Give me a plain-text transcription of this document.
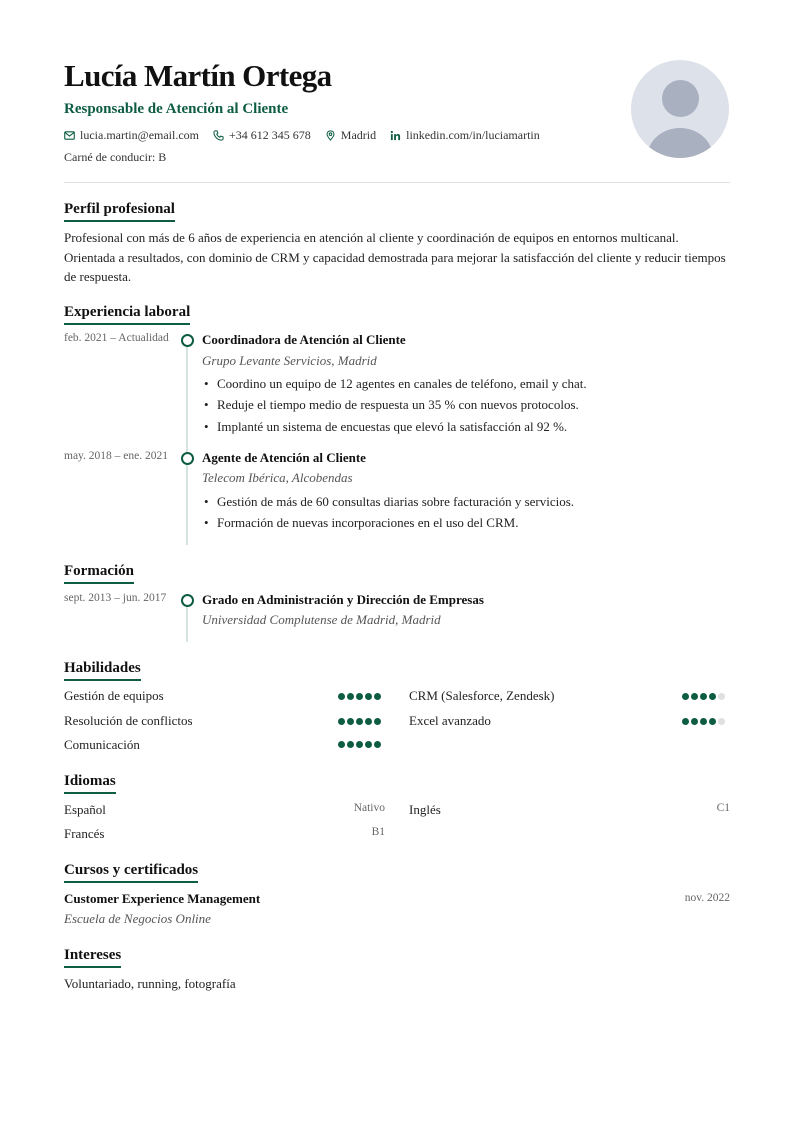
Lucía Martín Ortega
Responsable de Atención al Cliente
lucia.martin@email.com	+34 612 345 678	Madrid	linkedin.com/in/luciamartin
Carné de conducir: B
Perfil profesional
Profesional con más de 6 años de experiencia en atención al cliente y coordinación de equipos en entornos multicanal. Orientada a resultados, con dominio de CRM y capacidad demostrada para mejorar la satisfacción del cliente y reducir tiempos de respuesta.
Experiencia laboral
feb. 2021 – Actualidad	Coordinadora de Atención al Cliente
Grupo Levante Servicios, Madrid
• Coordino un equipo de 12 agentes en canales de teléfono, email y chat.
• Reduje el tiempo medio de respuesta un 35 % con nuevos protocolos.
• Implanté un sistema de encuestas que elevó la satisfacción al 92 %.
may. 2018 – ene. 2021	Agente de Atención al Cliente
Telecom Ibérica, Alcobendas
• Gestión de más de 60 consultas diarias sobre facturación y servicios.
• Formación de nuevas incorporaciones en el uso del CRM.
Formación
sept. 2013 – jun. 2017	Grado en Administración y Dirección de Empresas
Universidad Complutense de Madrid, Madrid
Habilidades
Gestión de equipos	CRM (Salesforce, Zendesk)
Resolución de conflictos	Excel avanzado
Comunicación
Idiomas
Español	Nativo Inglés	C1
Francés	B1
Cursos y certificados
Customer Experience Management	nov. 2022
Escuela de Negocios Online
Intereses
Voluntariado, running, fotografía
